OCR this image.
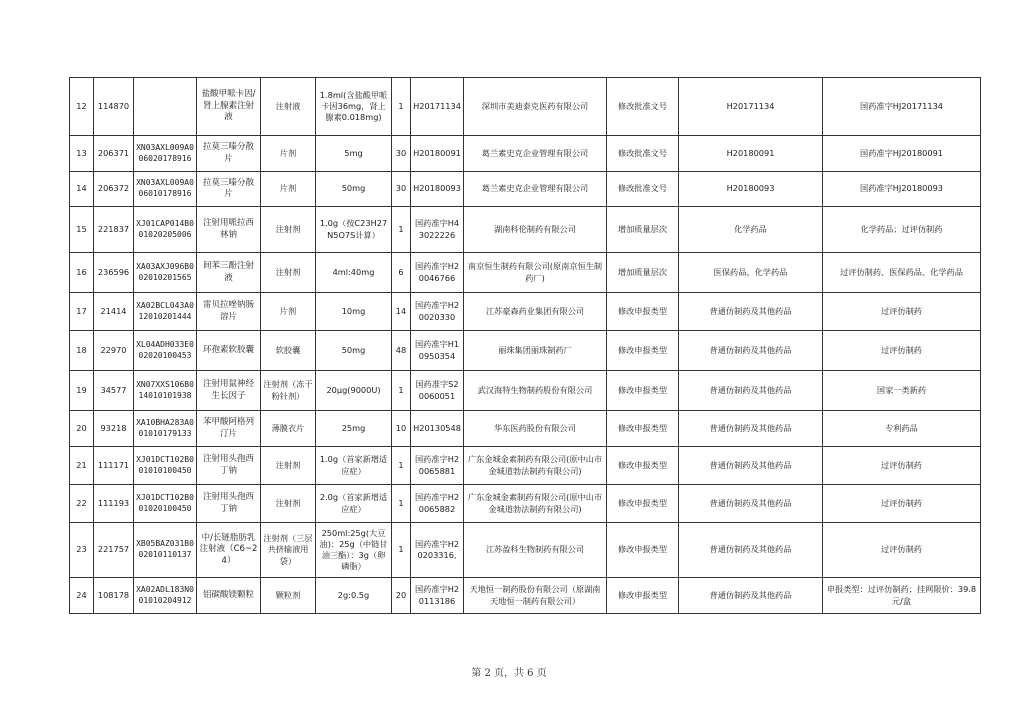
12	114870		盐酸甲哌卡因/肾上腺素注射液	注射液	1.8ml(含盐酸甲哌卡因36mg，肾上腺素0.018mg)	1	H20171134	深圳市美迪泰克医药有限公司	修改批准文号	H20171134	国药准字HJ20171134
13	206371	XN03AXL009A006020178916	拉莫三嗪分散片	片剂	5mg	30	H20180091	葛兰素史克企业管理有限公司	修改批准文号	H20180091	国药准字HJ20180091
14	206372	XN03AXL009A006010178916	拉莫三嗪分散片	片剂	50mg	30	H20180093	葛兰素史克企业管理有限公司	修改批准文号	H20180093	国药准字HJ20180093
15	221837	XJ01CAP014B001020205006	注射用哌拉西林钠	注射剂	1.0g（按C23H27N5O7S计算）	1	国药准字H43022226	湖南科伦制药有限公司	增加质量层次	化学药品	化学药品；过评仿制药
16	236596	XA03AXJ096B002010201565	间苯三酚注射液	注射剂	4ml:40mg	6	国药准字H20046766	南京恒生制药有限公司(原南京恒生制药厂)	增加质量层次	医保药品、化学药品	过评仿制药、医保药品、化学药品
17	21414	XA02BCL043A012010201444	雷贝拉唑钠肠溶片	片剂	10mg	14	国药准字H20020330	江苏豪森药业集团有限公司	修改申报类型	普通仿制药及其他药品	过评仿制药
18	22970	XL04ADH033E002020100453	环孢素软胶囊	软胶囊	50mg	48	国药准字H10950354	丽珠集团丽珠制药厂	修改申报类型	普通仿制药及其他药品	过评仿制药
19	34577	XN07XXS106B014010101938	注射用鼠神经生长因子	注射剂（冻干粉针剂）	20μg(9000U)	1	国药准字S20060051	武汉海特生物制药股份有限公司	修改申报类型	普通仿制药及其他药品	国家一类新药
20	93218	XA10BHA283A001010179133	苯甲酸阿格列汀片	薄膜衣片	25mg	10	H20130548	华东医药股份有限公司	修改申报类型	普通仿制药及其他药品	专利药品
21	111171	XJ01DCT102B001010100450	注射用头孢西丁钠	注射剂	1.0g（首家新增适应症）	1	国药准字H20065881	广东金城金素制药有限公司(原中山市金城道勃法制药有限公司)	修改申报类型	普通仿制药及其他药品	过评仿制药
22	111193	XJ01DCT102B001020100450	注射用头孢西丁钠	注射剂	2.0g（首家新增适应症）	1	国药准字H20065882	广东金城金素制药有限公司(原中山市金城道勃法制药有限公司)	修改申报类型	普通仿制药及其他药品	过评仿制药
23	221757	XB05BAZ031B002010110137	中/长链脂肪乳注射液（C6~24）	注射剂（三层共挤输液用袋）	250ml:25g(大豆油)：25g（中链甘油三酯）：3g（卵磷脂）	1	国药准字H20203316,	江苏盈科生物制药有限公司	修改申报类型	普通仿制药及其他药品	过评仿制药
24	108178	XA02ADL183N001010204912	铝碳酸镁颗粒	颗粒剂	2g:0.5g	20	国药准字H20113186	天地恒一制药股份有限公司（原湖南天地恒一制药有限公司）	修改申报类型	普通仿制药及其他药品	申报类型：过评仿制药；挂网限价：39.8元/盒
第 2 页，共 6 页
